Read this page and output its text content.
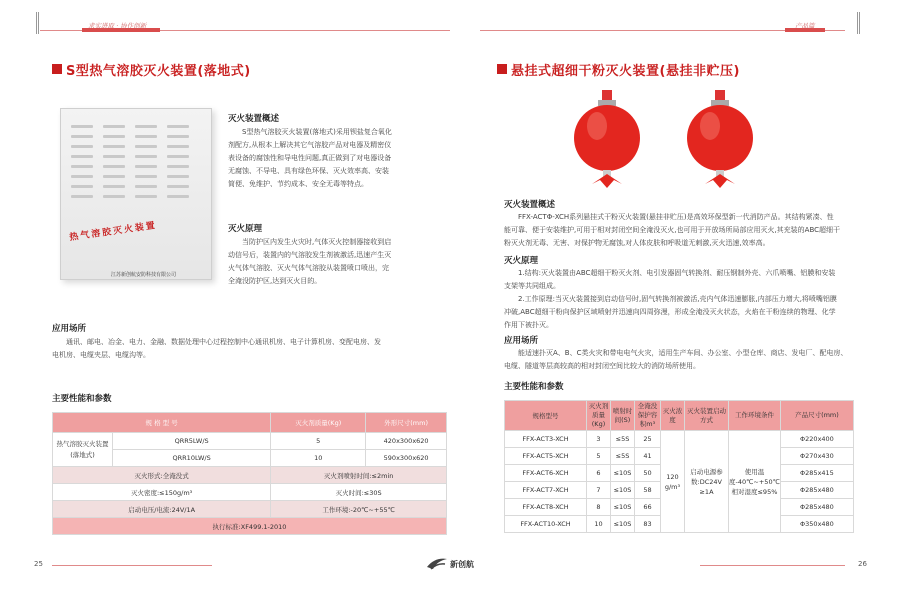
求实进取 · 协作创新	产品篇
S型热气溶胶灭火装置(落地式)
热气溶胶灭火装置
江苏新创航安防科技有限公司
灭火装置概述
S型热气溶胶灭火装置(落地式)采用钡盐复合氧化
剂配方,从根本上解决其它气溶胶产品对电器及精密仪
表设备的腐蚀性和导电性问题,真正做到了对电器设备
无腐蚀、不导电、具有绿色环保、灭火效率高、安装
简便、免维护、节约成本、安全无毒等特点。
灭火原理
当防护区内发生火灾时,气体灭火控制器接收到启
动信号后，装置内的气溶胶发生剂被激活,迅速产生灭
火气体气溶胶、灭火气体气溶胶从装置喷口喷出，完
全淹没防护区,达到灭火目的。
应用场所
通讯、邮电、冶金、电力、金融、数据处理中心过程控制中心通讯机房、电子计算机房、变配电房、发
电机房、电缆夹层、电缆沟等。
主要性能和参数
规 格 型 号		灭火剂质量(Kg)	外形尺寸(mm)
热气溶胶灭火装置(落地式)	QRR5LW/S	5	420x300x620
	QRR10LW/S	10	590x300x620
灭火形式:全淹没式		灭火剂喷射时间:≤2min	
灭火密度:≤150g/m³		灭火时间:≤30S	
启动电压/电流:24V/1A		工作环境:-20℃~+55℃	
执行标准:XF499.1-2010			
悬挂式超细干粉灭火装置(悬挂非贮压)
灭火装置概述
FFX-ACTΦ-XCH系列悬挂式干粉灭火装置(悬挂非贮压)是高效环保型新一代消防产品。其结构紧凑、性
能可靠、便于安装维护,可用于相对封闭空间全淹没灭火,也可用于开放场所局部应用灭火,其充装的ABC超细干
粉灭火剂无毒、无害、对保护物无腐蚀,对人体皮肤和呼吸道无刺激,灭火迅速,效率高。
灭火原理
1.结构:灭火装置由ABC超细干粉灭火剂、电引发器固气转换剂、耐压钢制外壳、六爪喷嘴、铝膜和安装
支架等共同组成。
2.工作原理:当灭火装置接到启动信号时,固气转换剂被激活,壳内气体迅速膨胀,内部压力增大,将喷嘴铝膜
冲破,ABC超细干粉向保护区域喷射并迅速向四周弥漫，形成全淹没灭火状态，火焰在干粉连续的物理、化学
作用下被扑灭。
应用场所
能适速扑灭A、B、C类火灾和带电电气火灾，适用生产车间、办公室、小型仓库、商店、发电厂、配电房、
电缆、隧道等层高较高的相对封闭空间比较大的消防场所使用。
主要性能和参数
规格型号	灭火剂质量(Kg)	喷射时间(S)	全淹没保护容积m³	灭火浓度	灭火装置启动方式	工作环境条件	产品尺寸(mm)
FFX-ACT3-XCH	3	≤5S	25	120 g/m³	启动电源参数:DC24V ≥1A	使用温度-40℃~+50℃ 相对湿度≤95%	Φ220x400
FFX-ACT5-XCH	5	≤5S	41				Φ270x430
FFX-ACT6-XCH	6	≤10S	50				Φ285x415
FFX-ACT7-XCH	7	≤10S	58				Φ285x480
FFX-ACT8-XCH	8	≤10S	66				Φ285x480
FFX-ACT10-XCH	10	≤10S	83				Φ350x480
25	新创航	26
